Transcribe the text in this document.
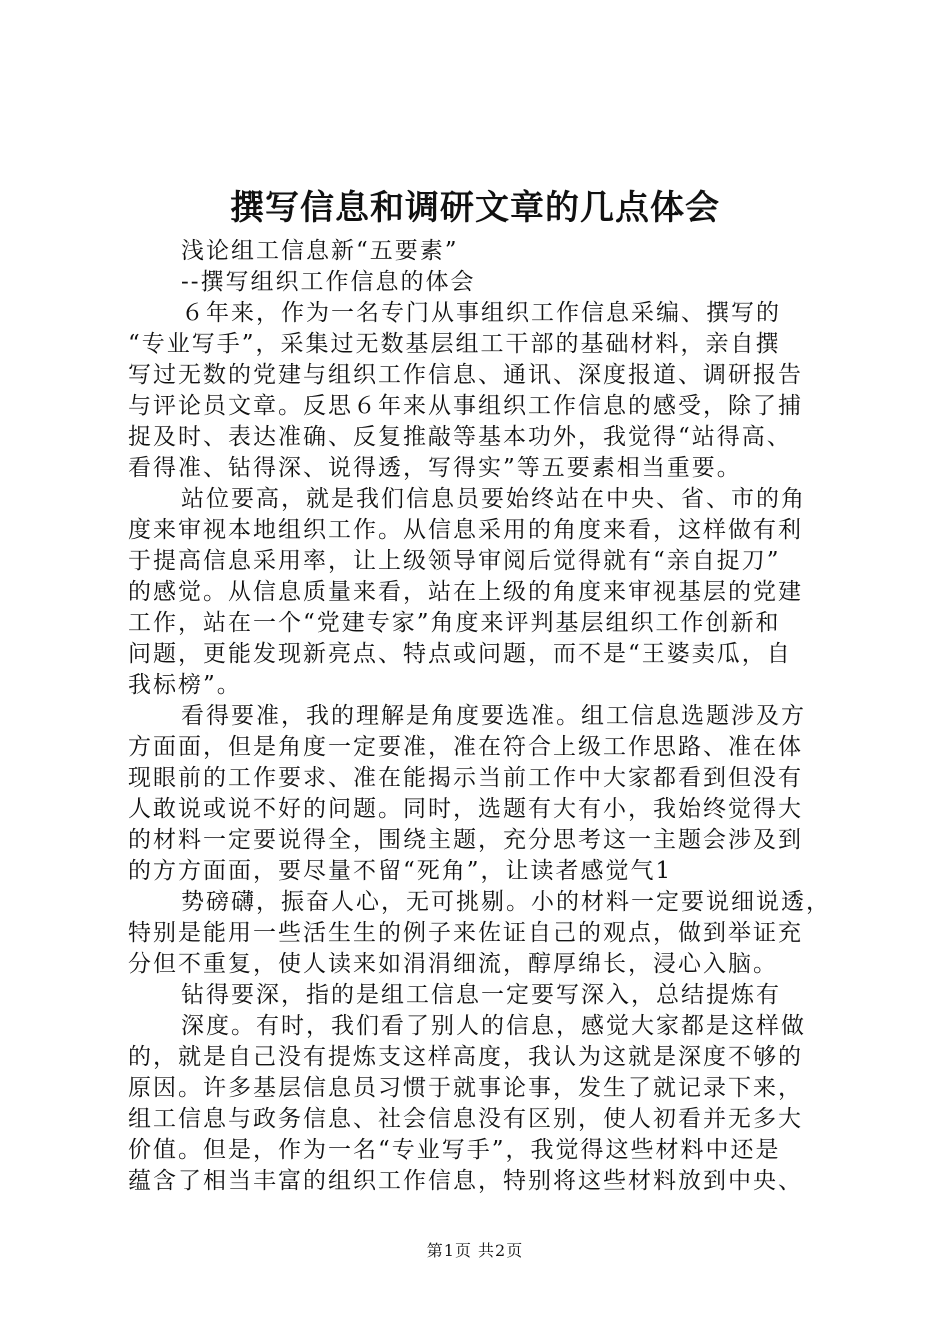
撰写信息和调研文章的几点体会
浅论组工信息新“五要素”
--撰写组织工作信息的体会
６年来，作为一名专门从事组织工作信息采编、撰写的
“专业写手”，采集过无数基层组工干部的基础材料，亲自撰
写过无数的党建与组织工作信息、通讯、深度报道、调研报告
与评论员文章。反思６年来从事组织工作信息的感受，除了捕
捉及时、表达准确、反复推敲等基本功外，我觉得“站得高、
看得准、钻得深、说得透，写得实”等五要素相当重要。
站位要高，就是我们信息员要始终站在中央、省、市的角
度来审视本地组织工作。从信息采用的角度来看，这样做有利
于提高信息采用率，让上级领导审阅后觉得就有“亲自捉刀”
的感觉。从信息质量来看，站在上级的角度来审视基层的党建
工作，站在一个“党建专家”角度来评判基层组织工作创新和
问题，更能发现新亮点、特点或问题，而不是“王婆卖瓜，自
我标榜”。
看得要准，我的理解是角度要选准。组工信息选题涉及方
方面面，但是角度一定要准，准在符合上级工作思路、准在体
现眼前的工作要求、准在能揭示当前工作中大家都看到但没有
人敢说或说不好的问题。同时，选题有大有小，我始终觉得大
的材料一定要说得全，围绕主题，充分思考这一主题会涉及到
的方方面面，要尽量不留“死角”，让读者感觉气1
势磅礴，振奋人心，无可挑剔。小的材料一定要说细说透，
特别是能用一些活生生的例子来佐证自己的观点，做到举证充
分但不重复，使人读来如涓涓细流，醇厚绵长，浸心入脑。
钻得要深，指的是组工信息一定要写深入，总结提炼有
深度。有时，我们看了别人的信息，感觉大家都是这样做
的，就是自己没有提炼支这样高度，我认为这就是深度不够的
原因。许多基层信息员习惯于就事论事，发生了就记录下来，
组工信息与政务信息、社会信息没有区别，使人初看并无多大
价值。但是，作为一名“专业写手”，我觉得这些材料中还是
蕴含了相当丰富的组织工作信息，特别将这些材料放到中央、
第1页 共2页
